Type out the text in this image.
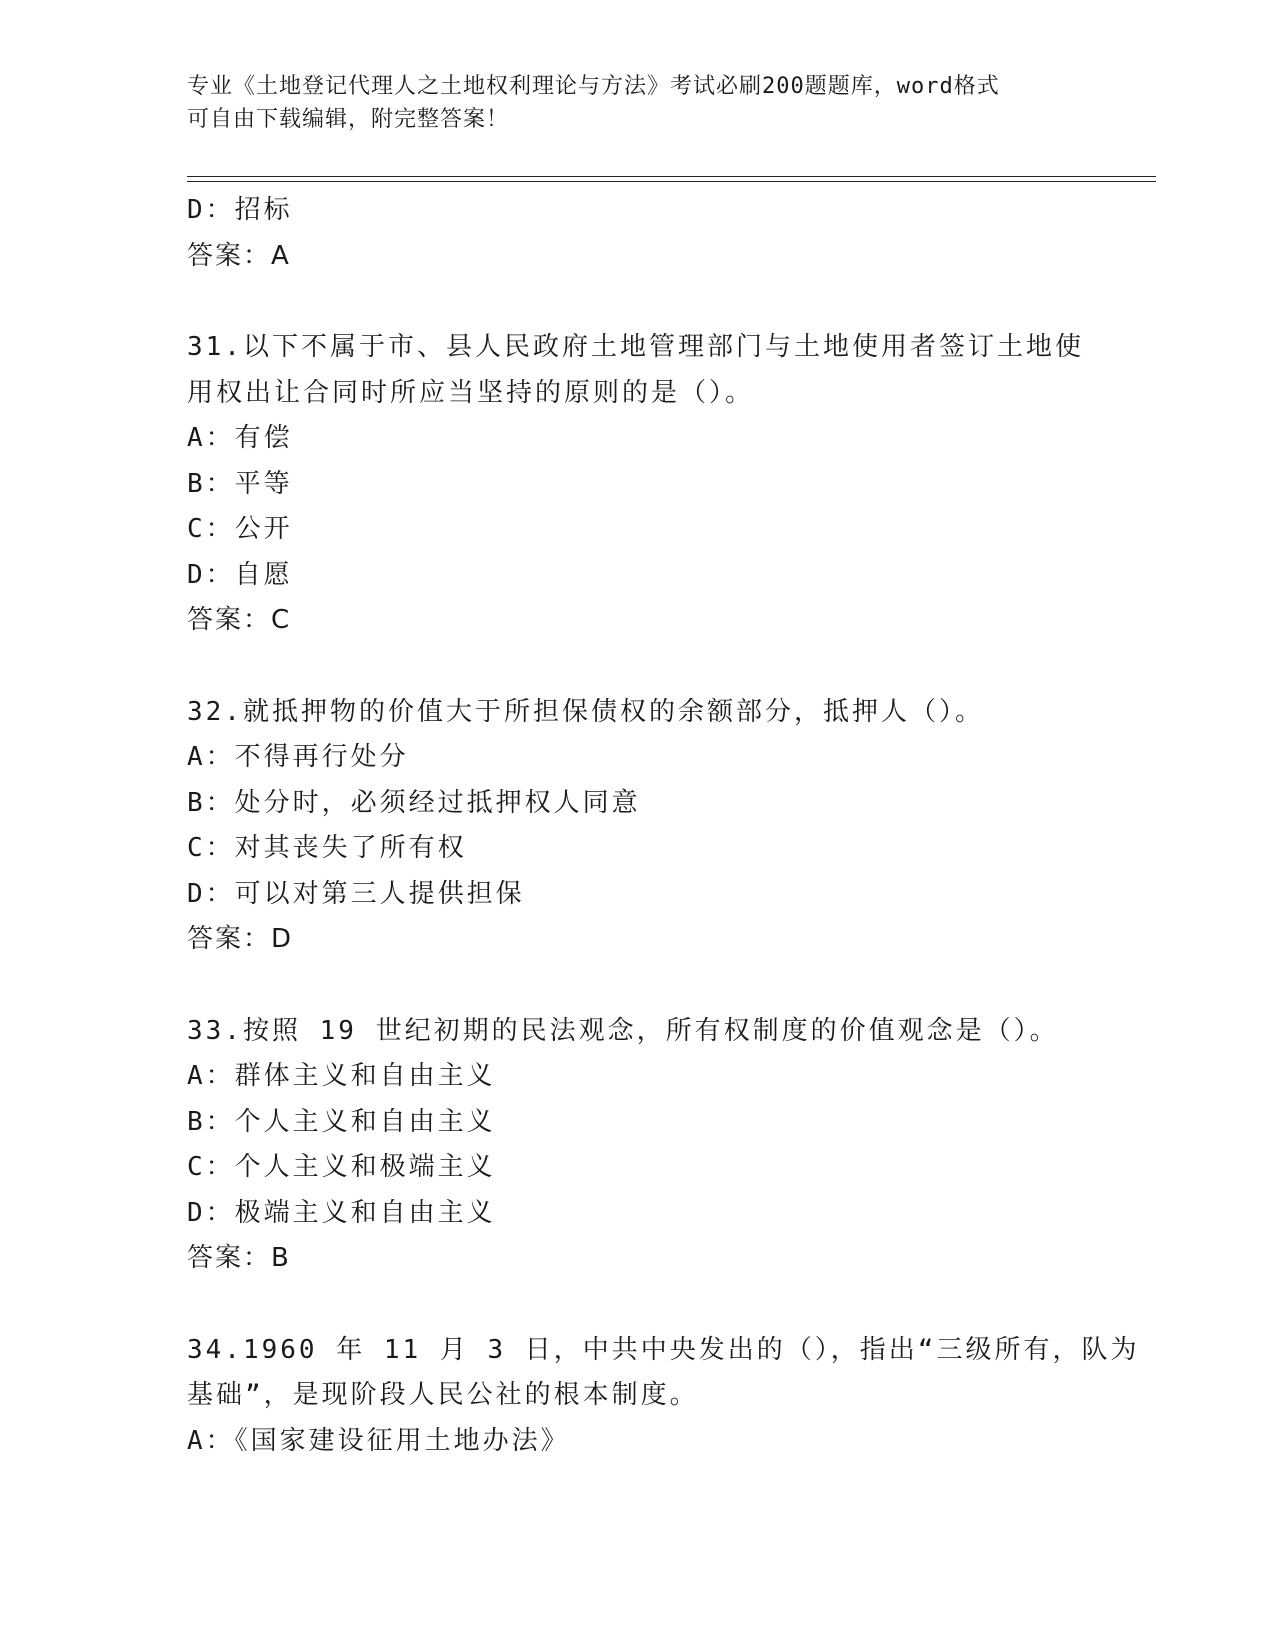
专业《土地登记代理人之土地权利理论与方法》考试必刷200题题库，word格式
可自由下载编辑，附完整答案！
D：招标
答案：A
31.以下不属于市、县人民政府土地管理部门与土地使用者签订土地使
用权出让合同时所应当坚持的原则的是（）。
A：有偿
B：平等
C：公开
D：自愿
答案：C
32.就抵押物的价值大于所担保债权的余额部分，抵押人（）。
A：不得再行处分
B：处分时，必须经过抵押权人同意
C：对其丧失了所有权
D：可以对第三人提供担保
答案：D
33.按照 19 世纪初期的民法观念，所有权制度的价值观念是（）。
A：群体主义和自由主义
B：个人主义和自由主义
C：个人主义和极端主义
D：极端主义和自由主义
答案：B
34.1960 年 11 月 3 日，中共中央发出的（），指出“三级所有，队为
基础”，是现阶段人民公社的根本制度。
A：《国家建设征用土地办法》
